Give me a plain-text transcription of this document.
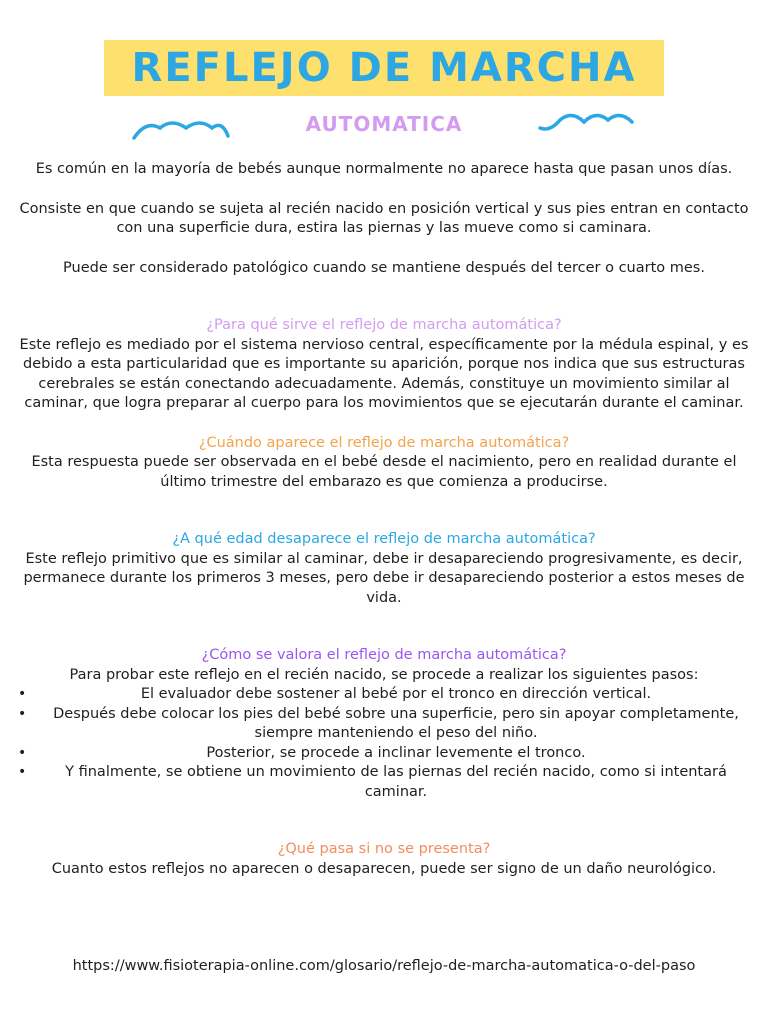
REFLEJO DE MARCHA
AUTOMATICA

Es común en la mayoría de bebés aunque normalmente no aparece hasta que pasan unos días.

Consiste en que cuando se sujeta al recién nacido en posición vertical y sus pies entran en contacto con una superficie dura, estira las piernas y las mueve como si caminara.

Puede ser considerado patológico cuando se mantiene después del tercer o cuarto mes.

¿Para qué sirve el reflejo de marcha automática?

Este reflejo es mediado por el sistema nervioso central, específicamente por la médula espinal, y es debido a esta particularidad que es importante su aparición, porque nos indica que sus estructuras cerebrales se están conectando adecuadamente. Además, constituye un movimiento similar al caminar, que logra preparar al cuerpo para los movimientos que se ejecutarán durante el caminar.

¿Cuándo aparece el reflejo de marcha automática?

Esta respuesta puede ser observada en el bebé desde el nacimiento, pero en realidad durante el último trimestre del embarazo es que comienza a producirse.

¿A qué edad desaparece el reflejo de marcha automática?

Este reflejo primitivo que es similar al caminar, debe ir desapareciendo progresivamente, es decir, permanece durante los primeros 3 meses, pero debe ir desapareciendo posterior a estos meses de vida.

¿Cómo se valora el reflejo de marcha automática?

Para probar este reflejo en el recién nacido, se procede a realizar los siguientes pasos:

•	El evaluador debe sostener al bebé por el tronco en dirección vertical.
• Después debe colocar los pies del bebé sobre una superficie, pero sin apoyar completamente, siempre manteniendo el peso del niño.
•	Posterior, se procede a inclinar levemente el tronco.
•	Y finalmente, se obtiene un movimiento de las piernas del recién nacido, como si intentará caminar.

¿Qué pasa si no se presenta?

Cuanto estos reflejos no aparecen o desaparecen, puede ser signo de un daño neurológico.

https://www.fisioterapia-online.com/glosario/reflejo-de-marcha-automatica-o-del-paso
